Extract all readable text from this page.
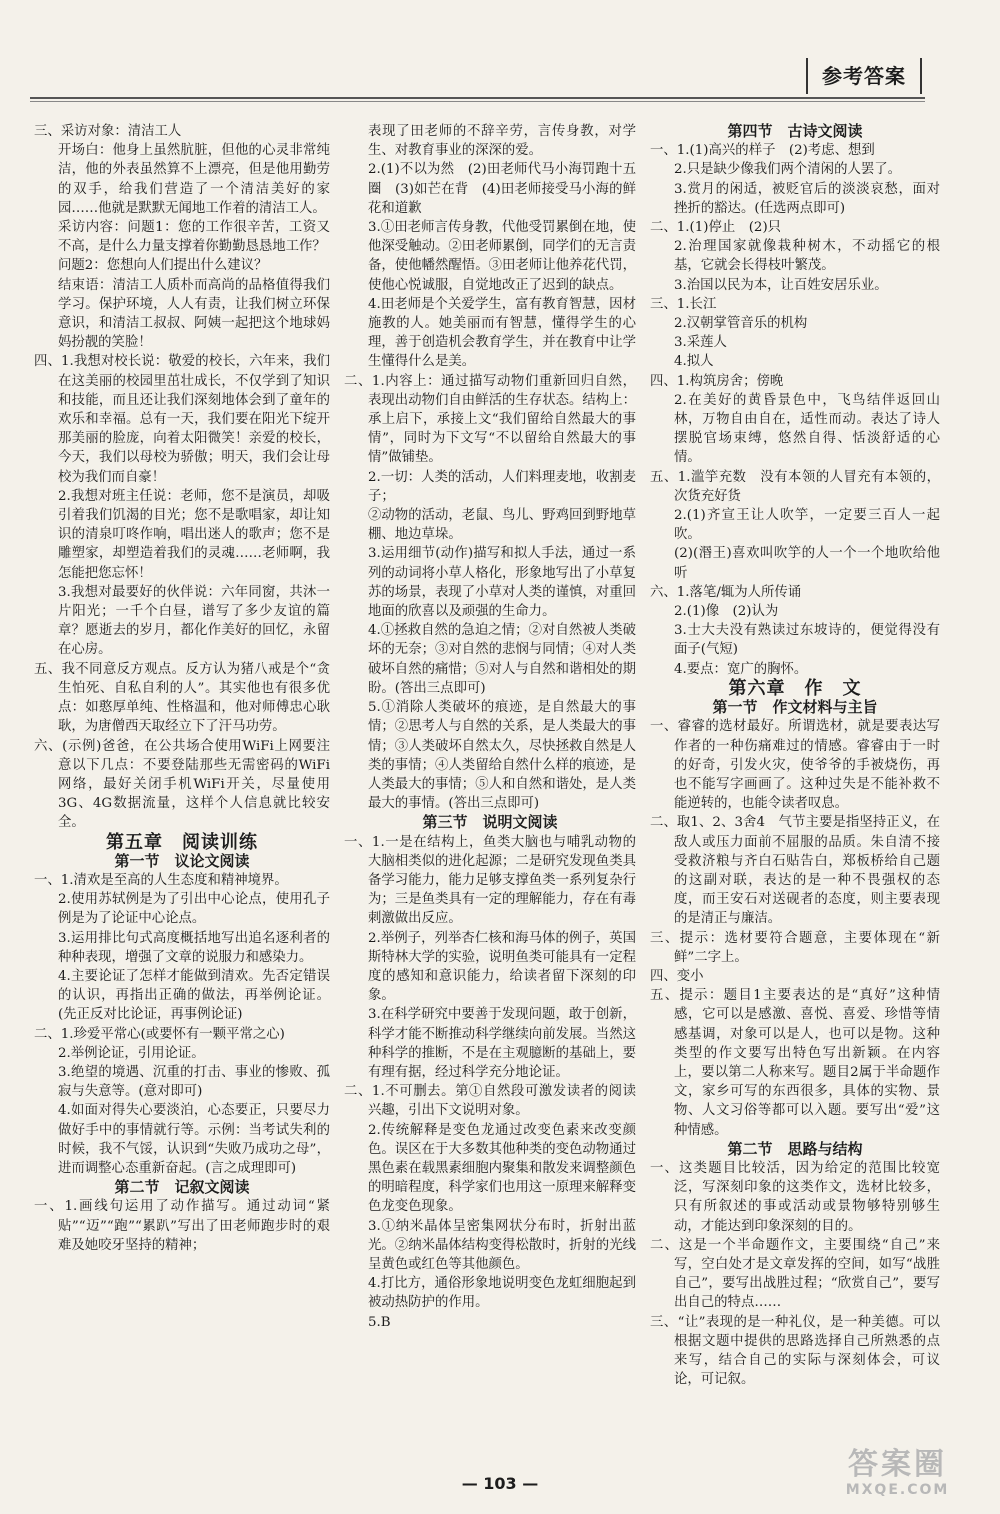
参考答案

三、采访对象：清洁工人

开场白：他身上虽然肮脏，但他的心灵非常纯洁，他的外表虽然算不上漂亮，但是他用勤劳的双手，给我们营造了一个清洁美好的家园……他就是默默无闻地工作着的清洁工人。

采访内容：问题1：您的工作很辛苦，工资又不高，是什么力量支撑着你勤勤恳恳地工作？

问题2：您想向人们提出什么建议？

结束语：清洁工人质朴而高尚的品格值得我们学习。保护环境，人人有责，让我们树立环保意识，和清洁工叔叔、阿姨一起把这个地球妈妈扮靓的笑脸！

四、1.我想对校长说：敬爱的校长，六年来，我们在这美丽的校园里茁壮成长，不仅学到了知识和技能，而且还让我们深刻地体会到了童年的欢乐和幸福。总有一天，我们要在阳光下绽开那美丽的脸庞，向着太阳微笑！亲爱的校长，今天，我们以母校为骄傲；明天，我们会让母校为我们而自豪！

2.我想对班主任说：老师，您不是演员，却吸引着我们饥渴的目光；您不是歌唱家，却让知识的清泉叮咚作响，唱出迷人的歌声；您不是雕塑家，却塑造着我们的灵魂……老师啊，我怎能把您忘怀！

3.我想对最要好的伙伴说：六年同窗，共沐一片阳光；一千个白昼，谱写了多少友谊的篇章？愿逝去的岁月，都化作美好的回忆，永留在心房。

五、我不同意反方观点。反方认为猪八戒是个“贪生怕死、自私自利的人”。其实他也有很多优点：如憨厚单纯、性格温和，他对师傅忠心耿耿，为唐僧西天取经立下了汗马功劳。

六、(示例)爸爸，在公共场合使用WiFi上网要注意以下几点：不要登陆那些无需密码的WiFi网络，最好关闭手机WiFi开关，尽量使用3G、4G数据流量，这样个人信息就比较安全。

第五章　阅读训练

第一节　议论文阅读

一、1.清欢是至高的人生态度和精神境界。

2.使用苏轼例是为了引出中心论点，使用孔子例是为了论证中心论点。

3.运用排比句式高度概括地写出追名逐利者的种种表现，增强了文章的说服力和感染力。

4.主要论证了怎样才能做到清欢。先否定错误的认识，再指出正确的做法，再举例论证。(先正反对比论证，再事例论证)

二、1.珍爱平常心(或要怀有一颗平常之心)

2.举例论证，引用论证。

3.绝望的境遇、沉重的打击、事业的惨败、孤寂与失意等。(意对即可)

4.如面对得失心要淡泊，心态要正，只要尽力做好手中的事情就行等。示例：当考试失利的时候，我不气馁，认识到“失败乃成功之母”，进而调整心态重新奋起。(言之成理即可)

第二节　记叙文阅读

一、1.画线句运用了动作描写。通过动词“紧贴”“迈”“跑”“累趴”写出了田老师跑步时的艰难及她咬牙坚持的精神；

表现了田老师的不辞辛劳，言传身教，对学生、对教育事业的深深的爱。

2.(1)不以为然　(2)田老师代马小海罚跑十五圈　(3)如芒在背　(4)田老师接受马小海的鲜花和道歉

3.①田老师言传身教，代他受罚累倒在地，使他深受触动。②田老师累倒，同学们的无言责备，使他幡然醒悟。③田老师让他养花代罚，使他心悦诚服，自觉地改正了迟到的缺点。

4.田老师是个关爱学生，富有教育智慧，因材施教的人。她美丽而有智慧，懂得学生的心理，善于创造机会教育学生，并在教育中让学生懂得什么是美。

二、1.内容上：通过描写动物们重新回归自然，表现出动物们自由鲜活的生存状态。结构上：承上启下，承接上文“我们留给自然最大的事情”，同时为下文写“不以留给自然最大的事情”做铺垫。

2.一切：人类的活动，人们料理麦地，收割麦子；

②动物的活动，老鼠、鸟儿、野鸡回到野地草棚、地边草垛。

3.运用细节(动作)描写和拟人手法，通过一系列的动词将小草人格化，形象地写出了小草复苏的场景，表现了小草对人类的谨慎，对重回地面的欣喜以及顽强的生命力。

4.①拯救自然的急迫之情；②对自然被人类破坏的无奈；③对自然的悲悯与同情；④对人类破坏自然的痛惜；⑤对人与自然和谐相处的期盼。(答出三点即可)

5.①消除人类破坏的痕迹，是自然最大的事情；②思考人与自然的关系，是人类最大的事情；③人类破坏自然太久，尽快拯救自然是人类的事情；④人类留给自然什么样的痕迹，是人类最大的事情；⑤人和自然和谐处，是人类最大的事情。(答出三点即可)

第三节　说明文阅读

一、1.一是在结构上，鱼类大脑也与哺乳动物的大脑相类似的进化起源；二是研究发现鱼类具备学习能力，能力足够支撑鱼类一系列复杂行为；三是鱼类具有一定的理解能力，存在有毒刺激做出反应。

2.举例子，列举杏仁核和海马体的例子，英国斯特林大学的实验，说明鱼类可能具有一定程度的感知和意识能力，给读者留下深刻的印象。

3.在科学研究中要善于发现问题，敢于创新，科学才能不断推动科学继续向前发展。当然这种科学的推断，不是在主观臆断的基础上，要有理有据，经过科学充分地论证。

二、1.不可删去。第①自然段可激发读者的阅读兴趣，引出下文说明对象。

2.传统解释是变色龙通过改变色素来改变颜色。误区在于大多数其他种类的变色动物通过黑色素在载黑素细胞内聚集和散发来调整颜色的明暗程度，科学家们也用这一原理来解释变色龙变色现象。

3.①纳米晶体呈密集网状分布时，折射出蓝光。②纳米晶体结构变得松散时，折射的光线呈黄色或红色等其他颜色。

4.打比方，通俗形象地说明变色龙虹细胞起到被动热防护的作用。

5.B

第四节　古诗文阅读

一、1.(1)高兴的样子　(2)考虑、想到

2.只是缺少像我们两个清闲的人罢了。

3.赏月的闲适，被贬官后的淡淡哀愁，面对挫折的豁达。(任选两点即可)

二、1.(1)停止　(2)只

2.治理国家就像栽种树木，不动摇它的根基，它就会长得枝叶繁茂。

3.治国以民为本，让百姓安居乐业。

三、1.长江

2.汉朝掌管音乐的机构

3.采莲人

4.拟人

四、1.构筑房舍；傍晚

2.在美好的黄昏景色中，飞鸟结伴返回山林，万物自由自在，适性而动。表达了诗人摆脱官场束缚，悠然自得、恬淡舒适的心情。

五、1.滥竽充数　没有本领的人冒充有本领的，次货充好货

2.(1)齐宣王让人吹竽，一定要三百人一起吹。

(2)(湣王)喜欢叫吹竽的人一个一个地吹给他听

六、1.落笔/辄为人所传诵

2.(1)像　(2)认为

3.士大夫没有熟读过东坡诗的，便觉得没有面子(气短)

4.要点：宽广的胸怀。

第六章　作　文

第一节　作文材料与主旨

一、睿睿的选材最好。所谓选材，就是要表达写作者的一种伤痛难过的情感。睿睿由于一时的好奇，引发火灾，使爷爷的手被烧伤，再也不能写字画画了。这种过失是不能补救不能逆转的，也能令读者叹息。

二、取1、2、3舍4　气节主要是指坚持正义，在敌人或压力面前不屈服的品质。朱自清不接受救济粮与齐白石贴告白，郑板桥给自己题的这副对联，表达的是一种不畏强权的态度，而王安石对送砚者的态度，则主要表现的是清正与廉洁。

三、提示：选材要符合题意，主要体现在“新鲜”二字上。

四、变小

五、提示：题目1主要表达的是“真好”这种情感，它可以是感激、喜悦、喜爱、珍惜等情感基调，对象可以是人，也可以是物。这种类型的作文要写出特色写出新颖。在内容上，要以第二人称来写。题目2属于半命题作文，家乡可写的东西很多，具体的实物、景物、人文习俗等都可以入题。要写出“爱”这种情感。

第二节　思路与结构

一、这类题目比较活，因为给定的范围比较宽泛，写深刻印象的这类作文，选材比较多，只有所叙述的事或活动或景物够特别够生动，才能达到印象深刻的目的。

二、这是一个半命题作文，主要围绕“自己”来写，空白处才是文章发挥的空间，如写“战胜自己”，要写出战胜过程；“欣赏自己”，要写出自己的特点……

三、“让”表现的是一种礼仪，是一种美德。可以根据文题中提供的思路选择自己所熟悉的点来写，结合自己的实际与深刻体会，可议论，可记叙。

— 103 —
答案圈
MXQE.COM
